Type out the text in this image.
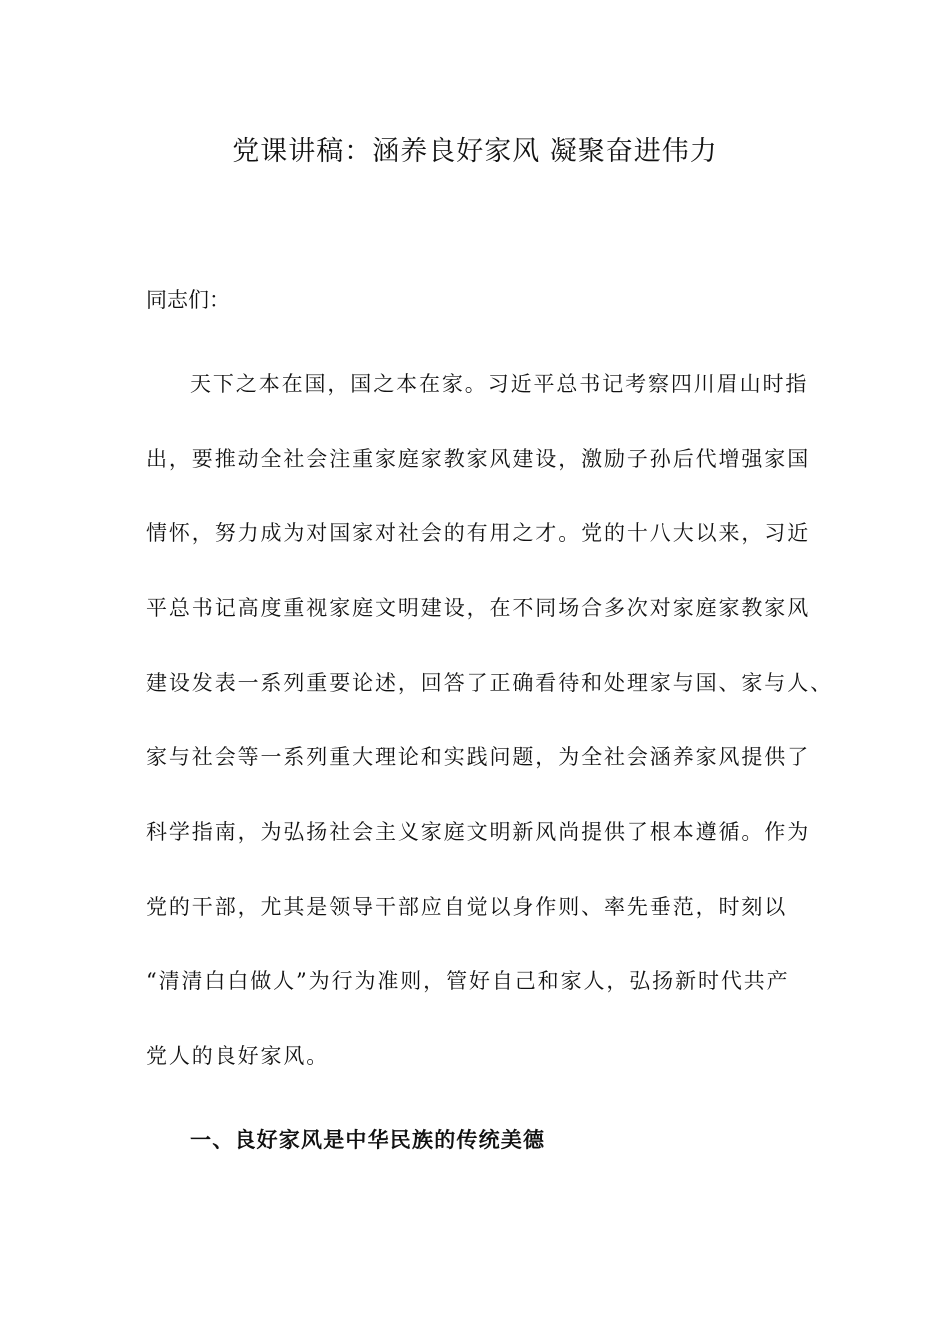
党课讲稿：涵养良好家风 凝聚奋进伟力
同志们：
天下之本在国，国之本在家。习近平总书记考察四川眉山时指
出，要推动全社会注重家庭家教家风建设，激励子孙后代增强家国
情怀，努力成为对国家对社会的有用之才。党的十八大以来，习近
平总书记高度重视家庭文明建设，在不同场合多次对家庭家教家风
建设发表一系列重要论述，回答了正确看待和处理家与国、家与人、
家与社会等一系列重大理论和实践问题，为全社会涵养家风提供了
科学指南，为弘扬社会主义家庭文明新风尚提供了根本遵循。作为
党的干部，尤其是领导干部应自觉以身作则、率先垂范，时刻以
“清清白白做人”为行为准则，管好自己和家人，弘扬新时代共产
党人的良好家风。
一、良好家风是中华民族的传统美德
